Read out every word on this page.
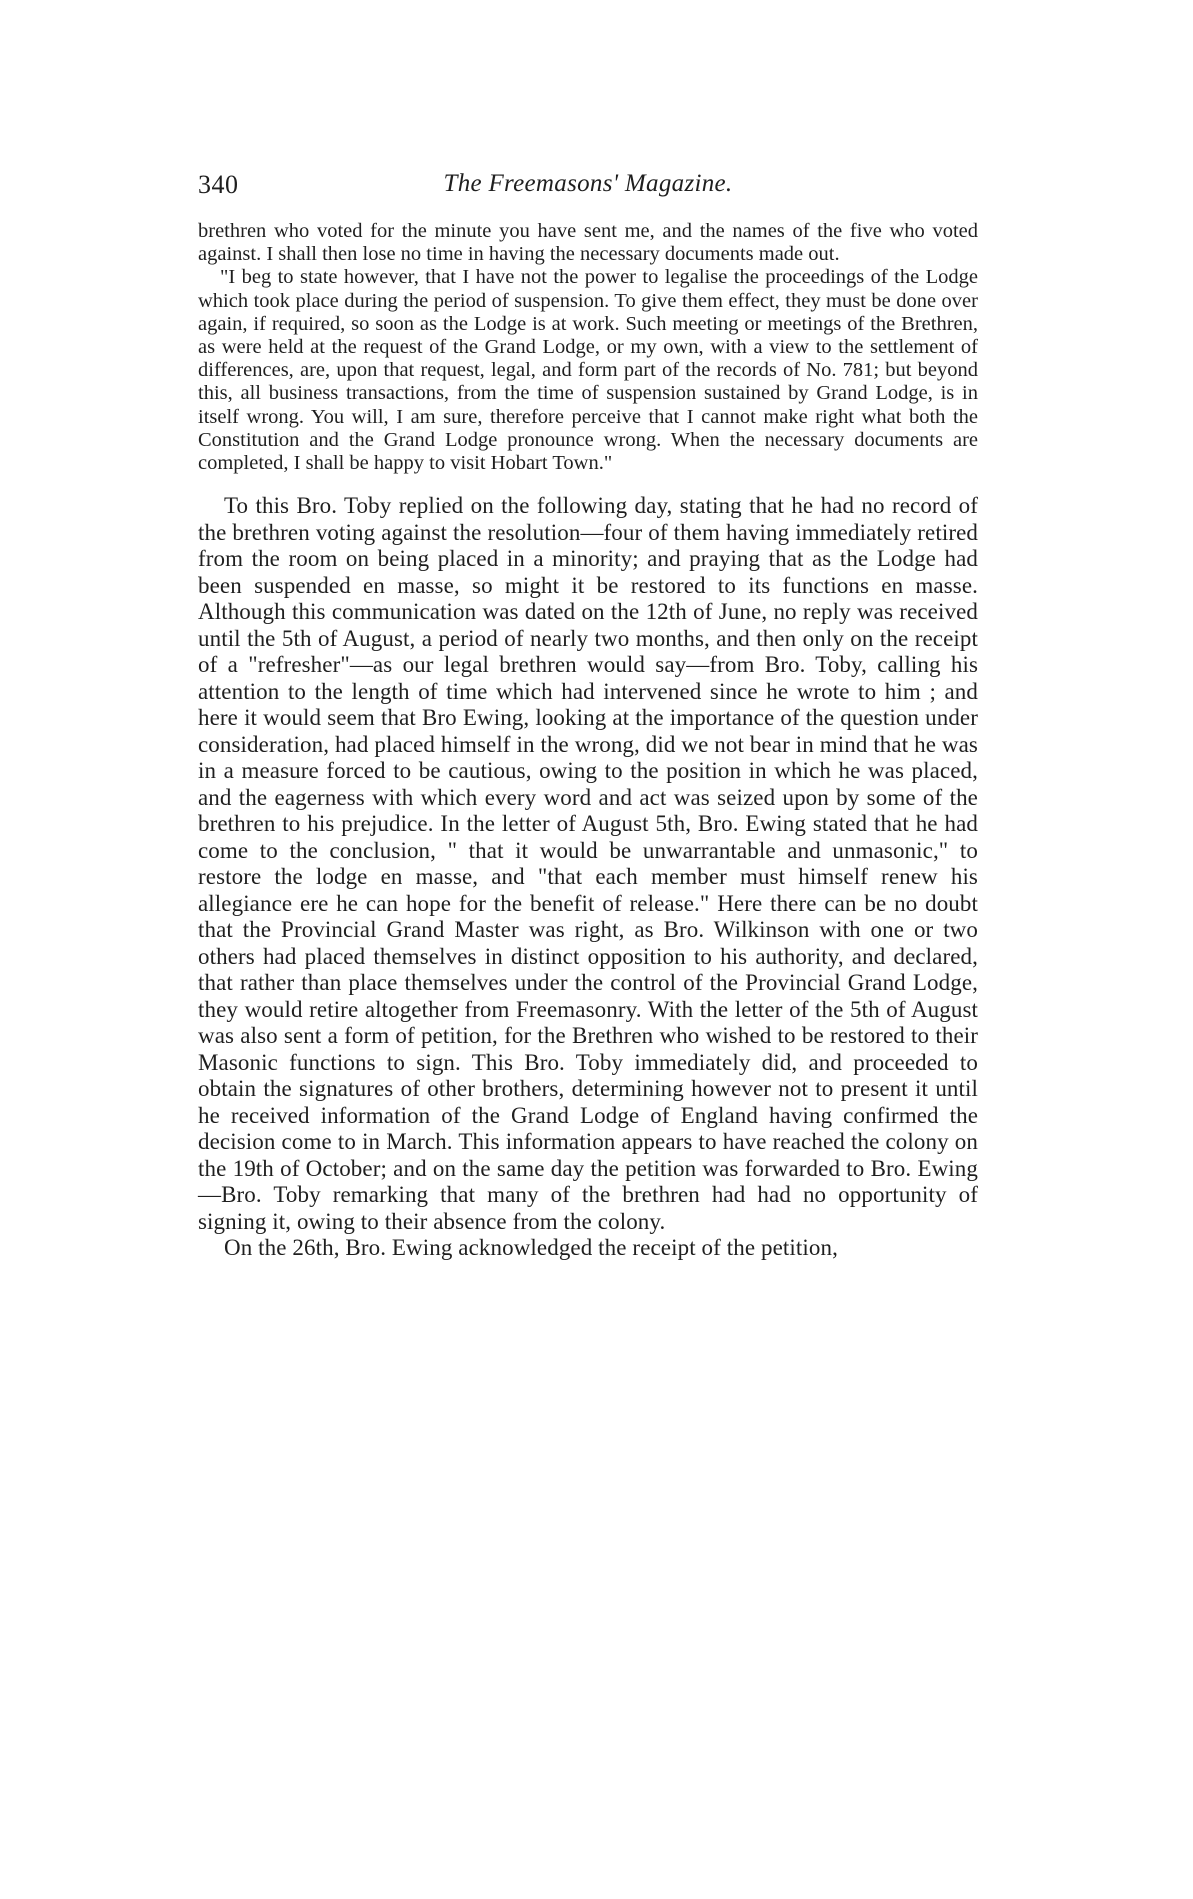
340	The Freemasons' Magazine.

brethren who voted for the minute you have sent me, and the names of the five who voted against. I shall then lose no time in having the necessary documents made out.

"I beg to state however, that I have not the power to legalise the proceedings of the Lodge which took place during the period of suspension. To give them effect, they must be done over again, if required, so soon as the Lodge is at work. Such meeting or meetings of the Brethren, as were held at the request of the Grand Lodge, or my own, with a view to the settlement of differences, are, upon that request, legal, and form part of the records of No. 781; but beyond this, all business transactions, from the time of suspension sustained by Grand Lodge, is in itself wrong. You will, I am sure, therefore perceive that I cannot make right what both the Constitution and the Grand Lodge pronounce wrong. When the necessary documents are completed, I shall be happy to visit Hobart Town."

To this Bro. Toby replied on the following day, stating that he had no record of the brethren voting against the resolution—four of them having immediately retired from the room on being placed in a minority; and praying that as the Lodge had been suspended en masse, so might it be restored to its functions en masse. Although this communication was dated on the 12th of June, no reply was received until the 5th of August, a period of nearly two months, and then only on the receipt of a "refresher"—as our legal brethren would say—from Bro. Toby, calling his attention to the length of time which had intervened since he wrote to him ; and here it would seem that Bro Ewing, looking at the importance of the question under consideration, had placed himself in the wrong, did we not bear in mind that he was in a measure forced to be cautious, owing to the position in which he was placed, and the eagerness with which every word and act was seized upon by some of the brethren to his prejudice. In the letter of August 5th, Bro. Ewing stated that he had come to the conclusion, " that it would be unwarrantable and unmasonic," to restore the lodge en masse, and "that each member must himself renew his allegiance ere he can hope for the benefit of release." Here there can be no doubt that the Provincial Grand Master was right, as Bro. Wilkinson with one or two others had placed themselves in distinct opposition to his authority, and declared, that rather than place themselves under the control of the Provincial Grand Lodge, they would retire altogether from Freemasonry. With the letter of the 5th of August was also sent a form of petition, for the Brethren who wished to be restored to their Masonic functions to sign. This Bro. Toby immediately did, and proceeded to obtain the signatures of other brothers, determining however not to present it until he received information of the Grand Lodge of England having confirmed the decision come to in March. This information appears to have reached the colony on the 19th of October; and on the same day the petition was forwarded to Bro. Ewing—Bro. Toby remarking that many of the brethren had had no opportunity of signing it, owing to their absence from the colony.

On the 26th, Bro. Ewing acknowledged the receipt of the petition,
